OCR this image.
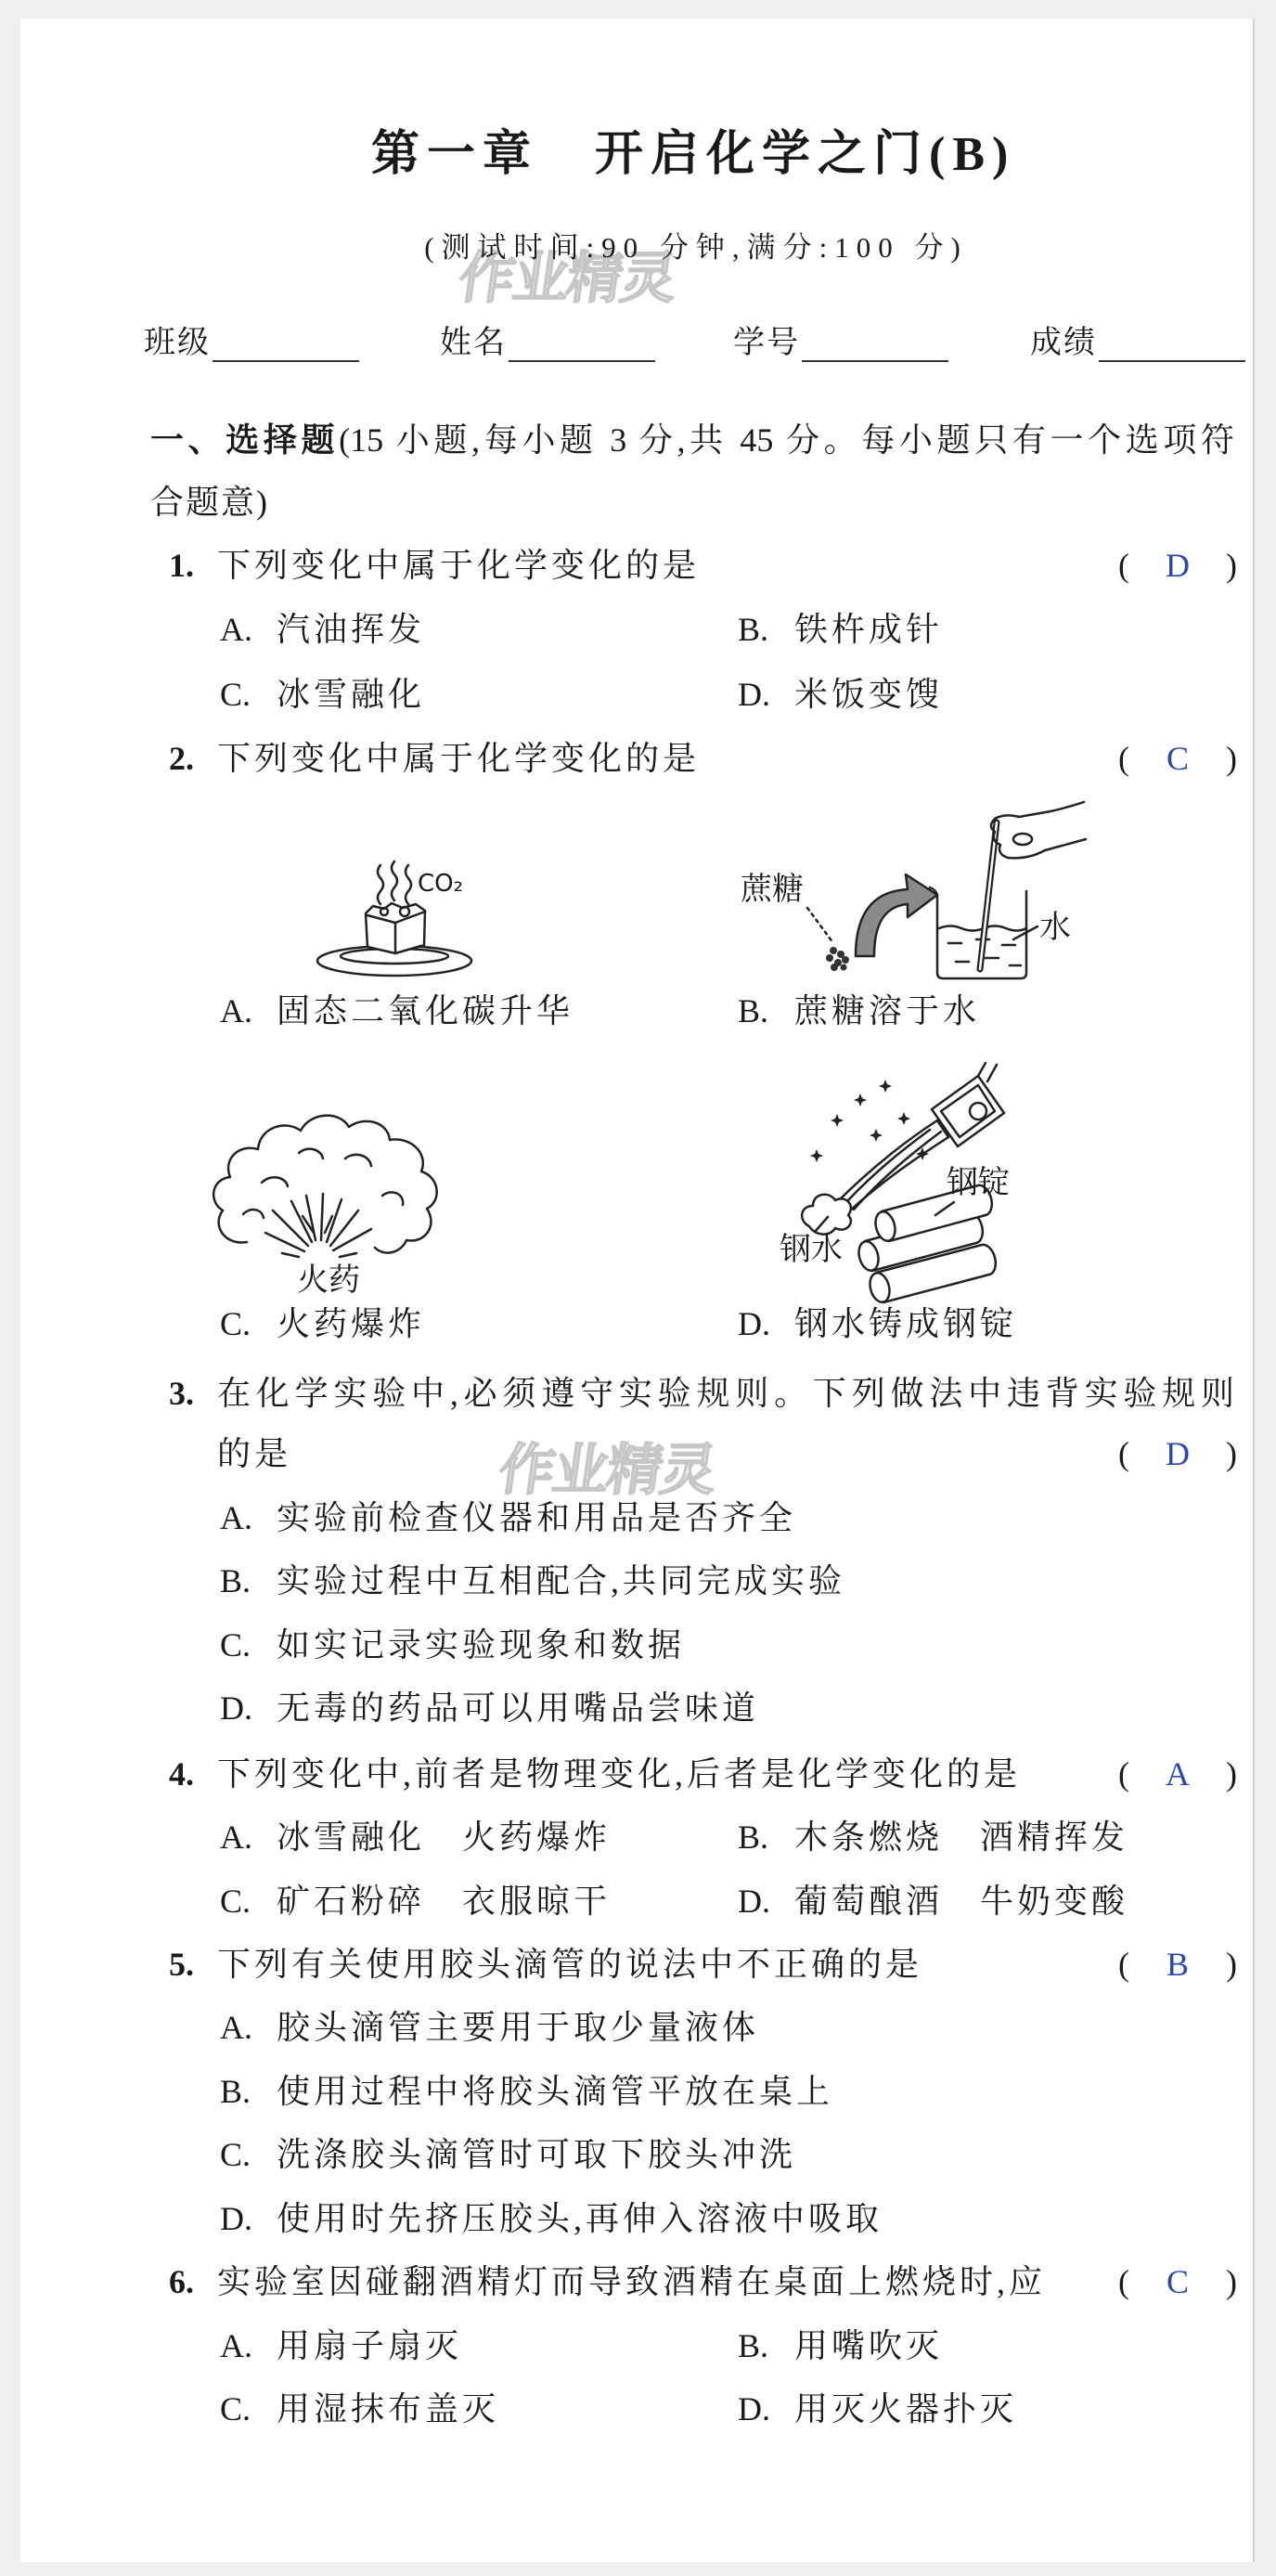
第一章 开启化学之门(B)
(测试时间:90 分钟,满分:100 分)
作业精灵
作业精灵
班级	姓名	学号	成绩
一、选择题(15 小题,每小题 3 分,共 45 分。每小题只有一个选项符
合题意)
1. 下列变化中属于化学变化的是	( D )
A. 汽油挥发	B. 铁杵成针
C. 冰雪融化	D. 米饭变馊
2. 下列变化中属于化学变化的是	( C )
CO₂	蔗糖
水
A. 固态二氧化碳升华	B. 蔗糖溶于水
火药
钢锭
钢水
C. 火药爆炸	D. 钢水铸成钢锭
3. 在化学实验中,必须遵守实验规则。下列做法中违背实验规则
的是	( D )
A. 实验前检查仪器和用品是否齐全
B. 实验过程中互相配合,共同完成实验
C. 如实记录实验现象和数据
D. 无毒的药品可以用嘴品尝味道
4. 下列变化中,前者是物理变化,后者是化学变化的是	( A )
A. 冰雪融化　火药爆炸	B. 木条燃烧　酒精挥发
C. 矿石粉碎　衣服晾干	D. 葡萄酿酒　牛奶变酸
5. 下列有关使用胶头滴管的说法中不正确的是	( B )
A. 胶头滴管主要用于取少量液体
B. 使用过程中将胶头滴管平放在桌上
C. 洗涤胶头滴管时可取下胶头冲洗
D. 使用时先挤压胶头,再伸入溶液中吸取
6. 实验室因碰翻酒精灯而导致酒精在桌面上燃烧时,应 ( C )
A. 用扇子扇灭	B. 用嘴吹灭
C. 用湿抹布盖灭	D. 用灭火器扑灭
